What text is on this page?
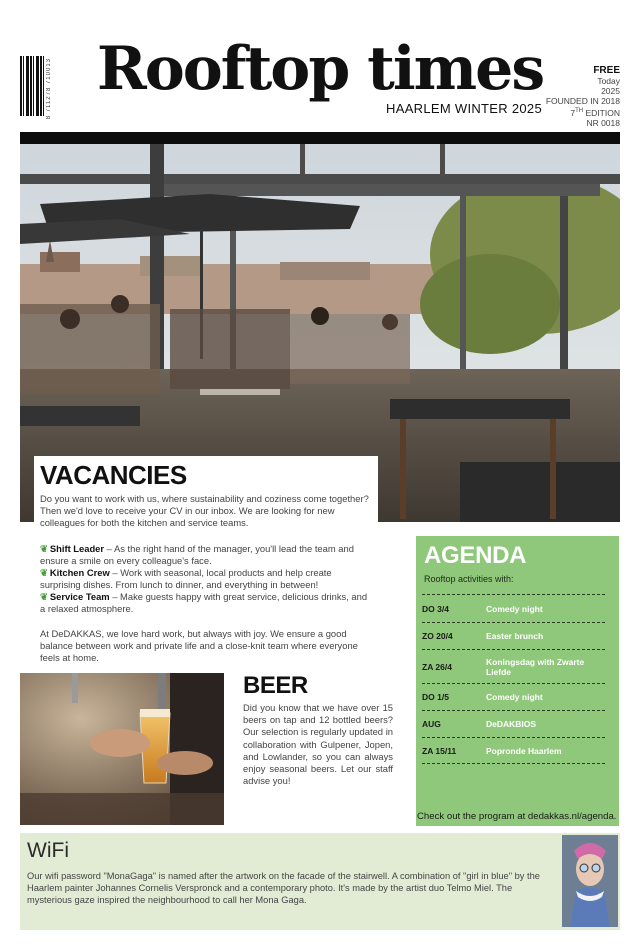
8 711278 710013 Rooftop times
HAARLEM WINTER 2025
FREE
Today
2025
FOUNDED IN 2018
7TH EDITION
NR 0018
VACANCIES
Do you want to work with us, where sustainability and coziness come together? Then we'd love to receive your CV in our inbox. We are looking for new colleagues for both the kitchen and service teams.
❦ Shift Leader – As the right hand of the manager, you'll lead the team and ensure a smile on every colleague's face.
❦ Kitchen Crew – Work with seasonal, local products and help create surprising dishes. From lunch to dinner, and everything in between!
❦ Service Team – Make guests happy with great service, delicious drinks, and a relaxed atmosphere.
At DeDAKKAS, we love hard work, but always with joy. We ensure a good balance between work and private life and a close-knit team where everyone feels at home.
BEER
Did you know that we have over 15 beers on tap and 12 bottled beers? Our selection is regularly updated in collaboration with Gulpener, Jopen, and Lowlander, so you can always enjoy seasonal beers. Let our staff advise you!
AGENDA
Rooftop activities with:
DO 3/4	Comedy night
ZO 20/4	Easter brunch
ZA 26/4	Koningsdag with Zwarte Liefde
DO 1/5	Comedy night
AUG	DeDAKBIOS
ZA 15/11	Popronde Haarlem
Check out the program at dedakkas.nl/agenda.
WiFi
Our wifi password "MonaGaga" is named after the artwork on the facade of the stairwell. A combination of "girl in blue" by the Haarlem painter Johannes Cornelis Verspronck and a contemporary photo. It's made by the artist duo Telmo Miel. The mysterious gaze inspired the neighbourhood to call her Mona Gaga.
